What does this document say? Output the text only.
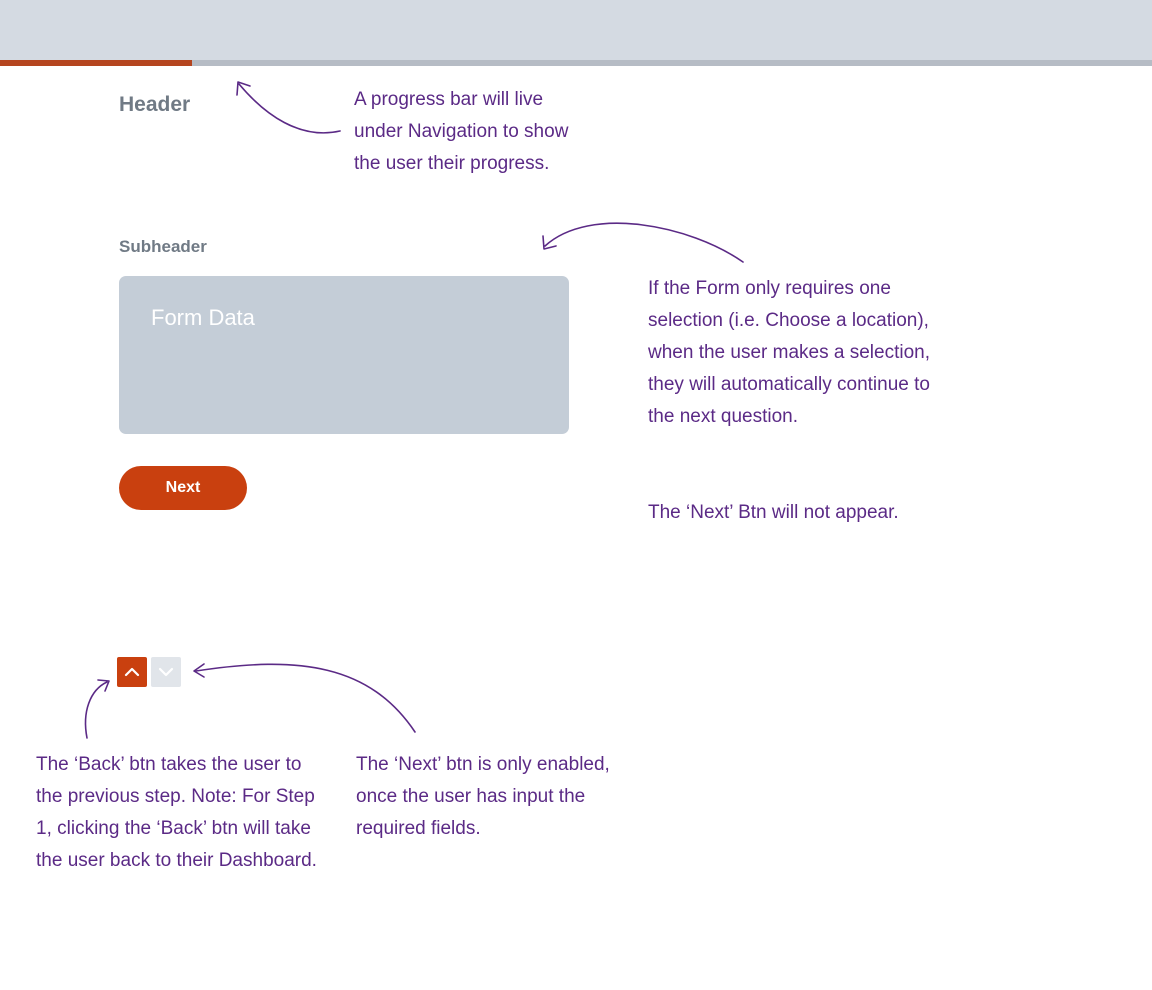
Header
Subheader
Form Data
Next

A progress bar will live under Navigation to show the user their progress.

If the Form only requires one selection (i.e. Choose a location), when the user makes a selection, they will automatically continue to the next question.

The ‘Next’ Btn will not appear.

The ‘Back’ btn takes the user to the previous step. Note: For Step 1, clicking the ‘Back’ btn will take the user back to their Dashboard.

The ‘Next’ btn is only enabled, once the user has input the required fields.
